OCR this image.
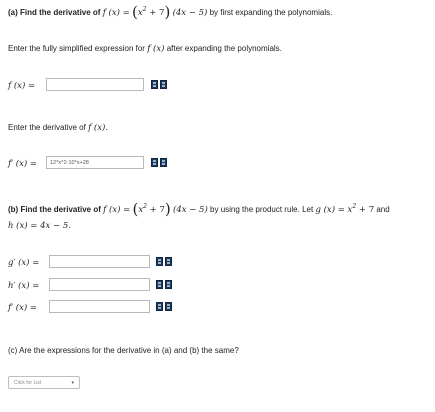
(a) Find the derivative of f $(x) = (x^2 + 7) (4x - 5)$ by first expanding the polynomials.
Enter the fully simplified expression for f (x) after expanding the polynomials.
f (x) =
Enter the derivative of f (x).
f′ (x) =	12*x^2-10*x+28
(b) Find the derivative of f $(x) = (x^2 + 7) (4x - 5)$ by using the product rule. Let g $(x) = x^2 + 7$ and
h (x) = 4x − 5.
g′ (x) =
h′ (x) =
f′ (x) =
(c) Are the expressions for the derivative in (a) and (b) the same?
Click for List	▾
